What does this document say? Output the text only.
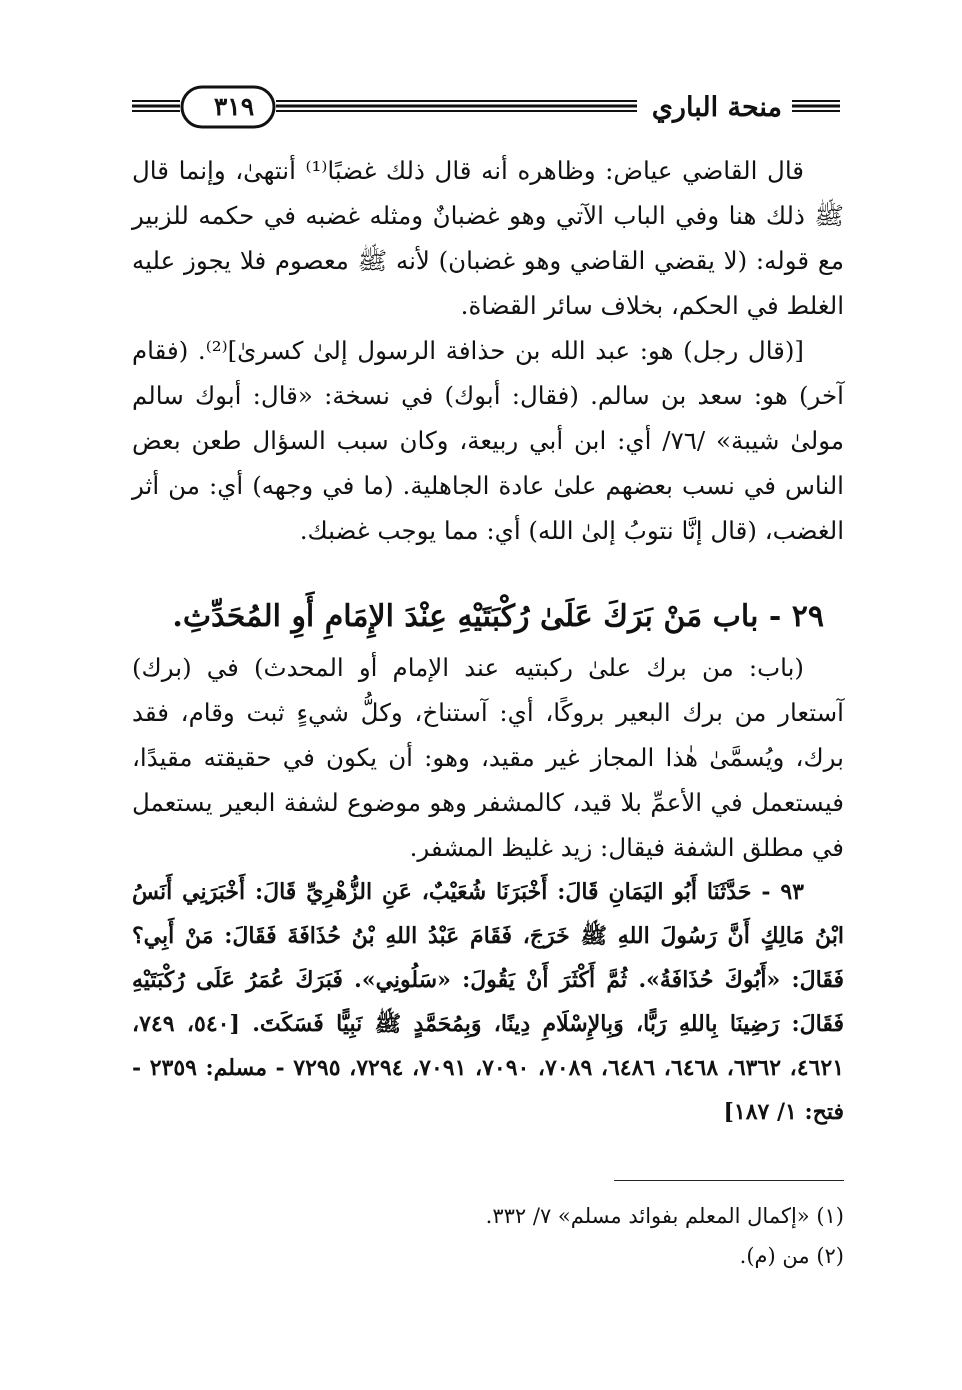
٣١٩	منحة الباري

قال القاضي عياض: وظاهره أنه قال ذلك غضبًا⁽¹⁾ أنتهىٰ، وإنما قال ﷺ ذلك هنا وفي الباب الآتي وهو غضبانٌ ومثله غضبه في حكمه للزبير مع قوله: (لا يقضي القاضي وهو غضبان) لأنه ﷺ معصوم فلا يجوز عليه الغلط في الحكم، بخلاف سائر القضاة.

[(قال رجل) هو: عبد الله بن حذافة الرسول إلىٰ كسرىٰ]⁽²⁾. (فقام آخر) هو: سعد بن سالم. (فقال: أبوك) في نسخة: «قال: أبوك سالم مولىٰ شيبة» /٧٦/ أي: ابن أبي ربيعة، وكان سبب السؤال طعن بعض الناس في نسب بعضهم علىٰ عادة الجاهلية. (ما في وجهه) أي: من أثر الغضب، (قال إنَّا نتوبُ إلىٰ الله) أي: مما يوجب غضبك.

٢٩ - باب مَنْ بَرَكَ عَلَىٰ رُكْبَتَيْهِ عِنْدَ الإِمَامِ أَوِ المُحَدِّثِ.

(باب: من برك علىٰ ركبتيه عند الإمام أو المحدث) في (برك) آستعار من برك البعير بروكًا، أي: آستناخ، وكلُّ شيءٍ ثبت وقام، فقد برك، ويُسمَّىٰ هٰذا المجاز غير مقيد، وهو: أن يكون في حقيقته مقيدًا، فيستعمل في الأعمِّ بلا قيد، كالمشفر وهو موضوع لشفة البعير يستعمل في مطلق الشفة فيقال: زيد غليظ المشفر.

٩٣ - حَدَّثَنَا أَبُو اليَمَانِ قَالَ: أَخْبَرَنَا شُعَيْبٌ، عَنِ الزُّهْرِيِّ قَالَ: أَخْبَرَنِي أَنَسُ ابْنُ مَالِكٍ أَنَّ رَسُولَ اللهِ ﷺ خَرَجَ، فَقَامَ عَبْدُ اللهِ بْنُ حُذَافَةَ فَقَالَ: مَنْ أَبِي؟ فَقَالَ: «أَبُوكَ حُذَافَةُ». ثُمَّ أَكْثَرَ أَنْ يَقُولَ: «سَلُونِي». فَبَرَكَ عُمَرُ عَلَى رُكْبَتَيْهِ فَقَالَ: رَضِينَا بِاللهِ رَبًّا، وَبِالإِسْلَامِ دِينًا، وَبِمُحَمَّدٍ ﷺ نَبِيًّا فَسَكَتَ. [٥٤٠، ٧٤٩، ٤٦٢١، ٦٣٦٢، ٦٤٦٨، ٦٤٨٦، ٧٠٨٩، ٧٠٩٠، ٧٠٩١، ٧٢٩٤، ٧٢٩٥ - مسلم: ٢٣٥٩ - فتح: ١/ ١٨٧]

(١) «إكمال المعلم بفوائد مسلم» ٧/ ٣٣٢.

(٢) من (م).
